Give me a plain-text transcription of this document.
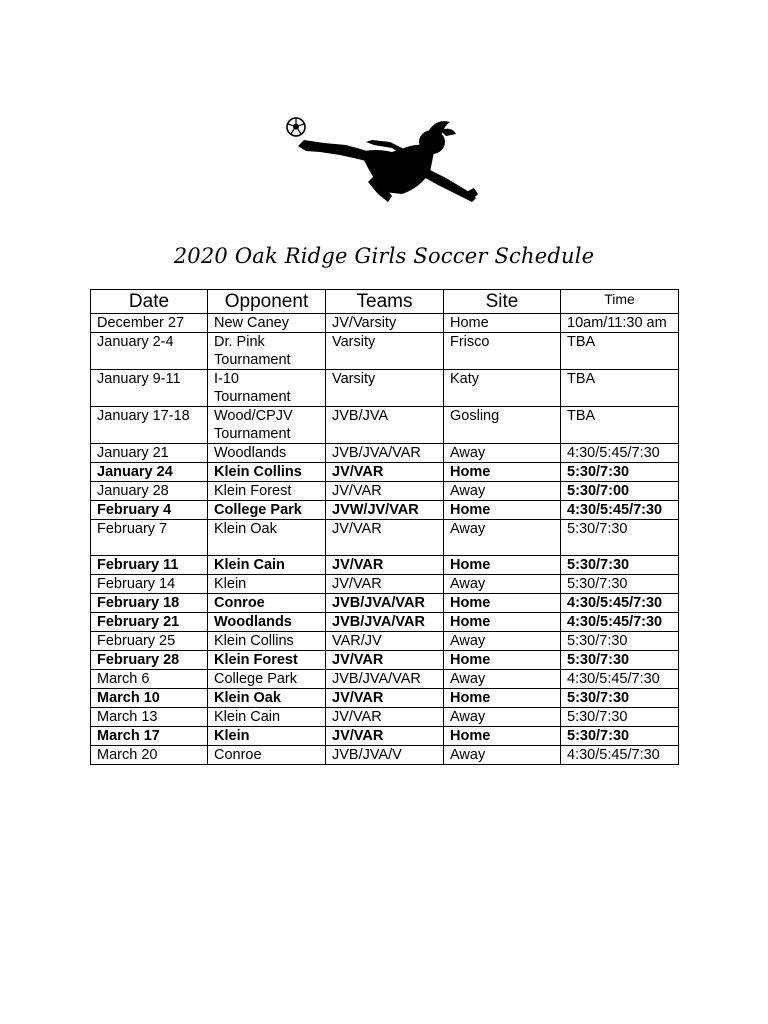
2020 Oak Ridge Girls Soccer Schedule
Date	Opponent	Teams	Site	Time
December 27	New Caney	JV/Varsity	Home	10am/11:30 am
January 2-4	Dr. Pink Tournament	Varsity	Frisco	TBA
January 9-11	I-10 Tournament	Varsity	Katy	TBA
January 17-18	Wood/CPJV Tournament	JVB/JVA	Gosling	TBA
January 21	Woodlands	JVB/JVA/VAR	Away	4:30/5:45/7:30
January 24	Klein Collins	JV/VAR	Home	5:30/7:30
January 28	Klein Forest	JV/VAR	Away	5:30/7:00
February 4	College Park	JVW/JV/VAR	Home	4:30/5:45/7:30
February 7	Klein Oak	JV/VAR	Away	5:30/7:30
February 11	Klein Cain	JV/VAR	Home	5:30/7:30
February 14	Klein	JV/VAR	Away	5:30/7:30
February 18	Conroe	JVB/JVA/VAR	Home	4:30/5:45/7:30
February 21	Woodlands	JVB/JVA/VAR	Home	4:30/5:45/7:30
February 25	Klein Collins	VAR/JV	Away	5:30/7:30
February 28	Klein Forest	JV/VAR	Home	5:30/7:30
March 6	College Park	JVB/JVA/VAR	Away	4:30/5:45/7:30
March 10	Klein Oak	JV/VAR	Home	5:30/7:30
March 13	Klein Cain	JV/VAR	Away	5:30/7:30
March 17	Klein	JV/VAR	Home	5:30/7:30
March 20	Conroe	JVB/JVA/V	Away	4:30/5:45/7:30
